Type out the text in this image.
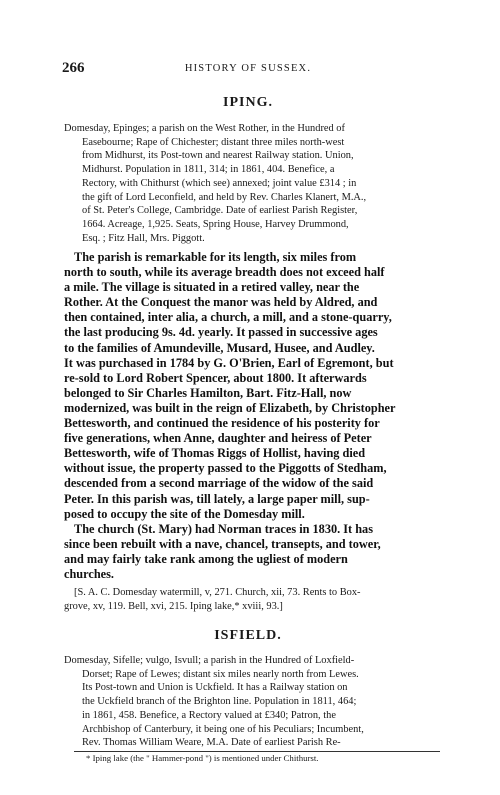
266	HISTORY OF SUSSEX.
IPING.
Domesday, Epinges; a parish on the West Rother, in the Hundred of
Easebourne; Rape of Chichester; distant three miles north-west
from Midhurst, its Post-town and nearest Railway station. Union,
Midhurst. Population in 1811, 314; in 1861, 404. Benefice, a
Rectory, with Chithurst (which see) annexed; joint value £314 ; in
the gift of Lord Leconfield, and held by Rev. Charles Klanert, M.A.,
of St. Peter's College, Cambridge. Date of earliest Parish Register,
1664. Acreage, 1,925. Seats, Spring House, Harvey Drummond,
Esq. ; Fitz Hall, Mrs. Piggott.
The parish is remarkable for its length, six miles from
north to south, while its average breadth does not exceed half
a mile. The village is situated in a retired valley, near the
Rother. At the Conquest the manor was held by Aldred, and
then contained, inter alia, a church, a mill, and a stone-quarry,
the last producing 9s. 4d. yearly. It passed in successive ages
to the families of Amundeville, Musard, Husee, and Audley.
It was purchased in 1784 by G. O'Brien, Earl of Egremont, but
re-sold to Lord Robert Spencer, about 1800. It afterwards
belonged to Sir Charles Hamilton, Bart. Fitz-Hall, now
modernized, was built in the reign of Elizabeth, by Christopher
Bettesworth, and continued the residence of his posterity for
five generations, when Anne, daughter and heiress of Peter
Bettesworth, wife of Thomas Riggs of Hollist, having died
without issue, the property passed to the Piggotts of Stedham,
descended from a second marriage of the widow of the said
Peter. In this parish was, till lately, a large paper mill, sup-
posed to occupy the site of the Domesday mill.
The church (St. Mary) had Norman traces in 1830. It has
since been rebuilt with a nave, chancel, transepts, and tower,
and may fairly take rank among the ugliest of modern
churches.
[S. A. C. Domesday watermill, v, 271. Church, xii, 73. Rents to Box-
grove, xv, 119. Bell, xvi, 215. Iping lake,* xviii, 93.]
ISFIELD.
Domesday, Sifelle; vulgo, Isvull; a parish in the Hundred of Loxfield-
Dorset; Rape of Lewes; distant six miles nearly north from Lewes.
Its Post-town and Union is Uckfield. It has a Railway station on
the Uckfield branch of the Brighton line. Population in 1811, 464;
in 1861, 458. Benefice, a Rectory valued at £340; Patron, the
Archbishop of Canterbury, it being one of his Peculiars; Incumbent,
Rev. Thomas William Weare, M.A. Date of earliest Parish Re-
* Iping lake (the " Hammer-pond ") is mentioned under Chithurst.
